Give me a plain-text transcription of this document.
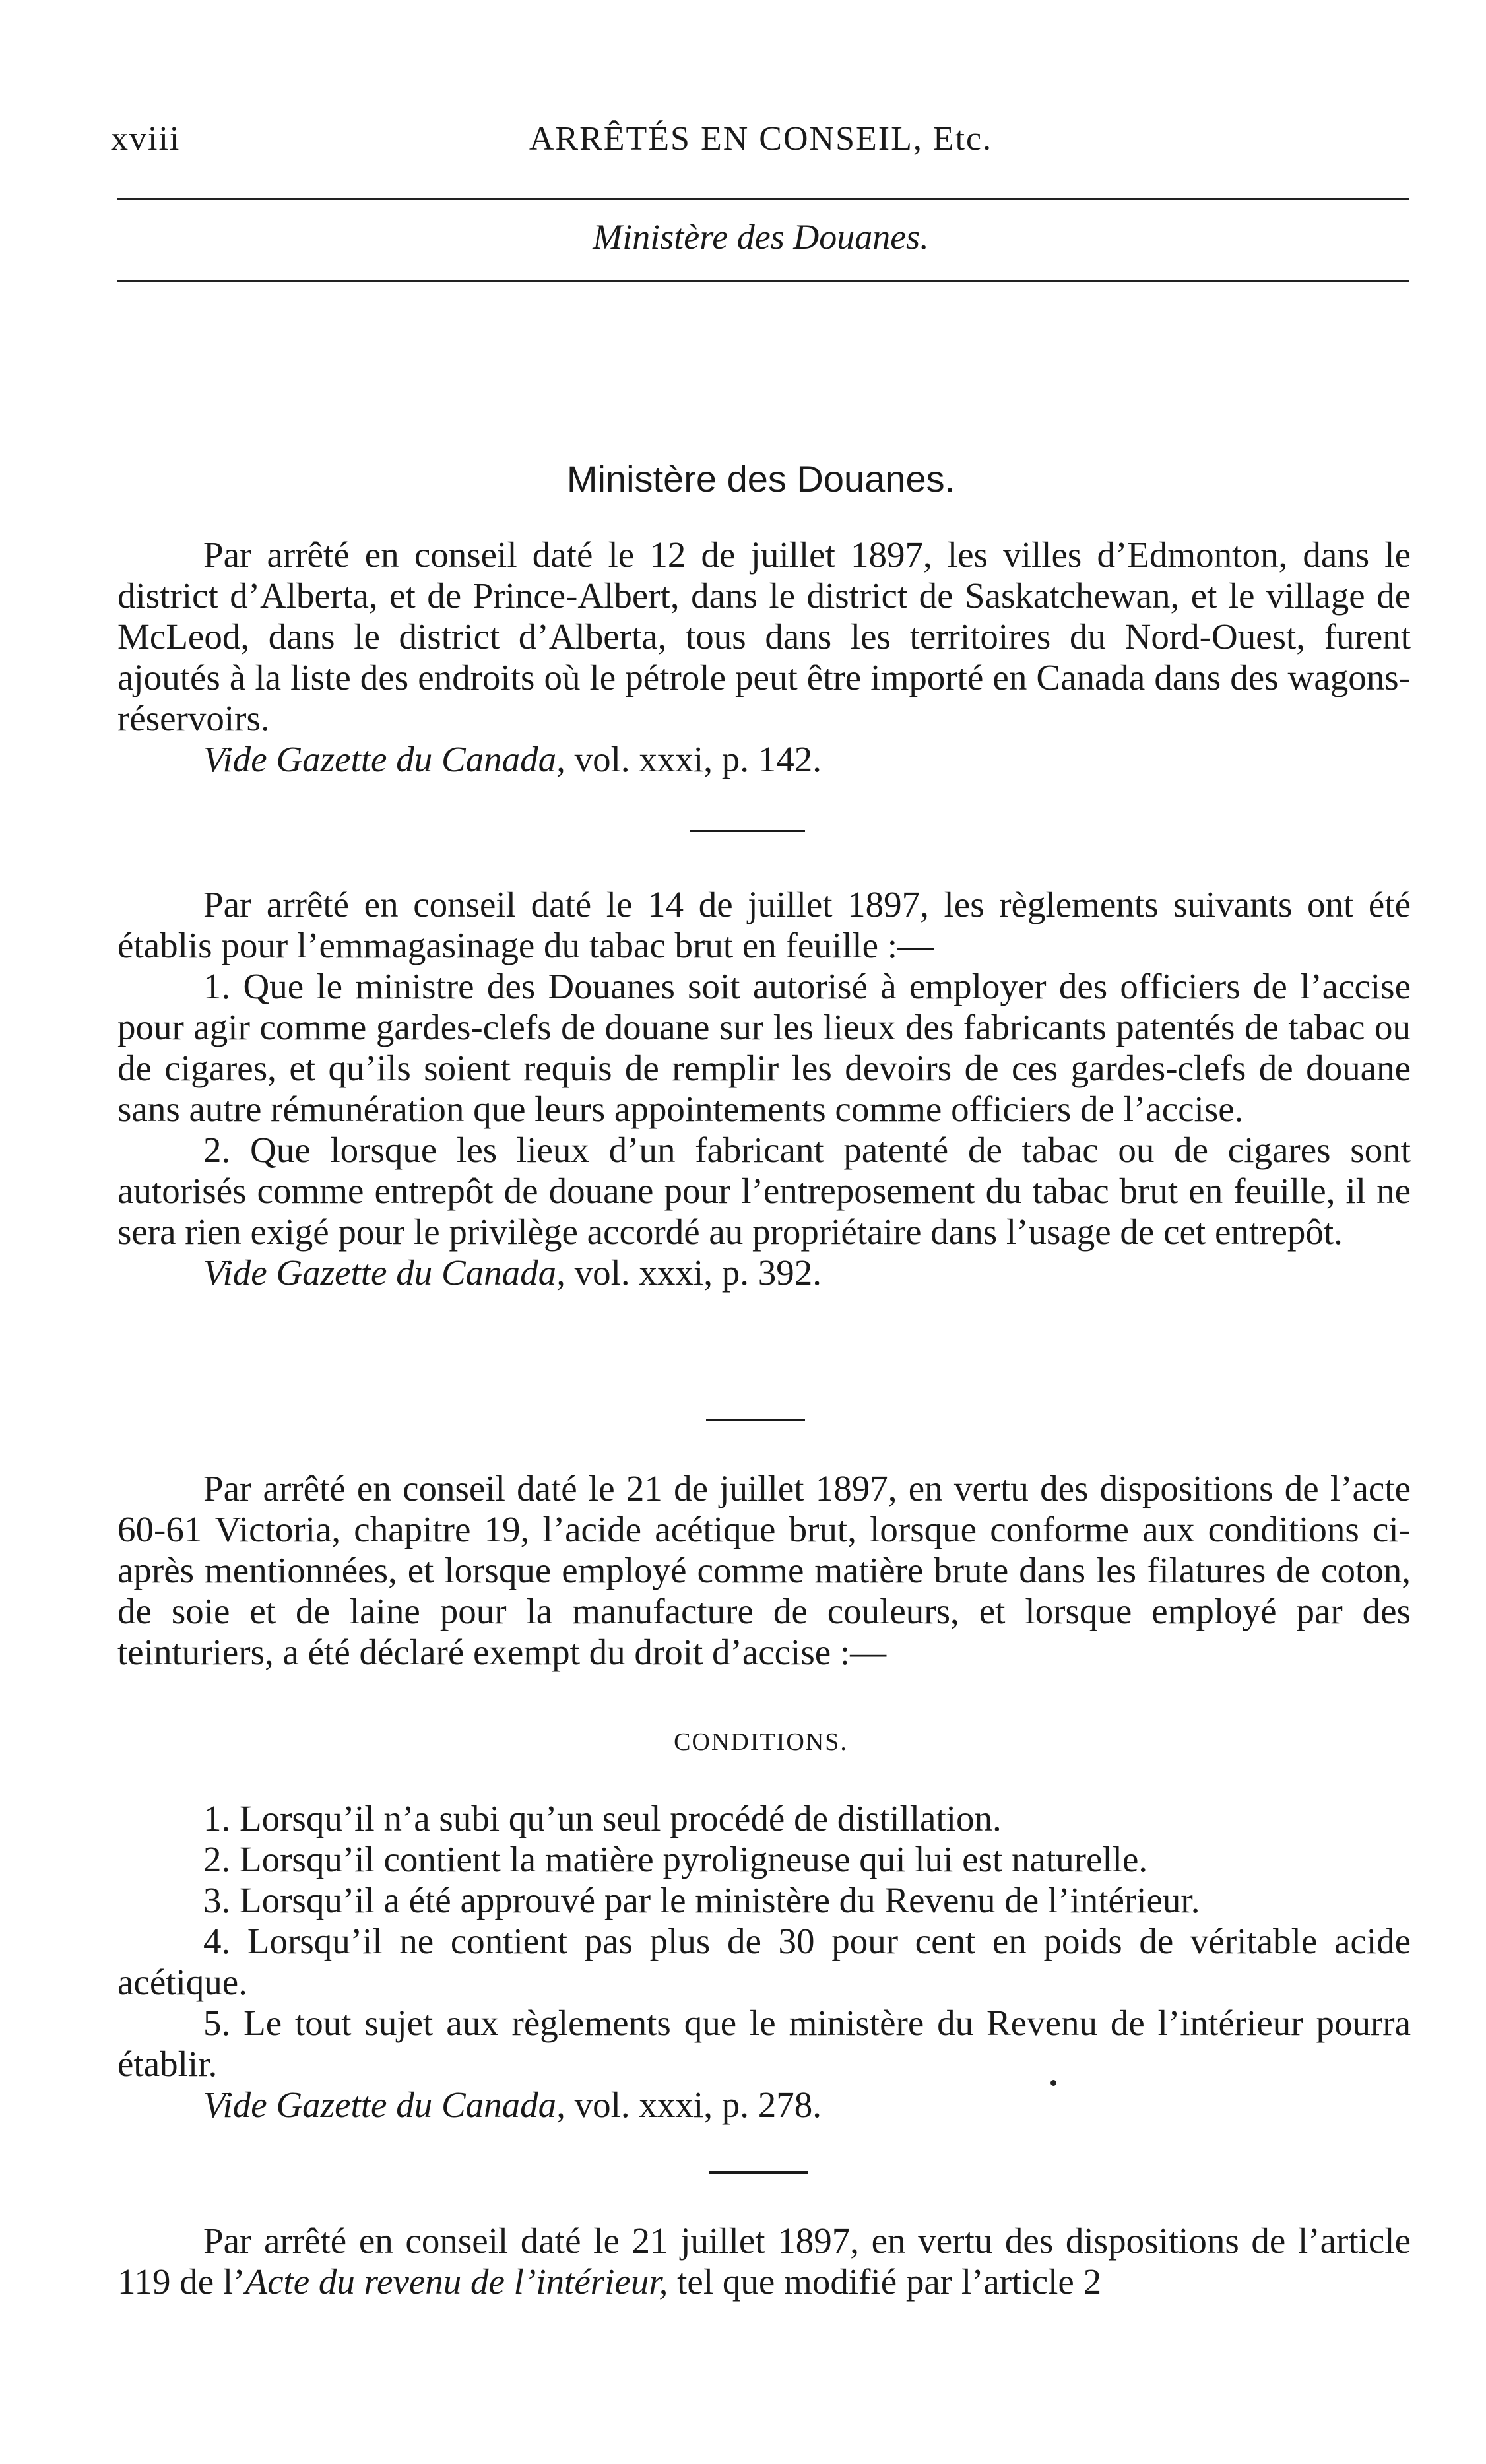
xviii	ARRÊTÉS EN CONSEIL, Etc.
Ministère des Douanes.
Ministère des Douanes.

Par arrêté en conseil daté le 12 de juillet 1897, les villes d’Edmonton, dans le district d’Alberta, et de Prince-Albert, dans le district de Saskatchewan, et le village de McLeod, dans le district d’Alberta, tous dans les territoires du Nord-Ouest, furent ajoutés à la liste des endroits où le pétrole peut être importé en Canada dans des wagons-réservoirs.

Vide Gazette du Canada, vol. xxxi, p. 142.

Par arrêté en conseil daté le 14 de juillet 1897, les règlements suivants ont été établis pour l’emmagasinage du tabac brut en feuille :—

1. Que le ministre des Douanes soit autorisé à employer des officiers de l’accise pour agir comme gardes-clefs de douane sur les lieux des fabricants patentés de tabac ou de cigares, et qu’ils soient requis de remplir les devoirs de ces gardes-clefs de douane sans autre rémunération que leurs appointements comme officiers de l’accise.

2. Que lorsque les lieux d’un fabricant patenté de tabac ou de cigares sont autorisés comme entrepôt de douane pour l’entreposement du tabac brut en feuille, il ne sera rien exigé pour le privilège accordé au propriétaire dans l’usage de cet entrepôt.

Vide Gazette du Canada, vol. xxxi, p. 392.

Par arrêté en conseil daté le 21 de juillet 1897, en vertu des dispositions de l’acte 60-61 Victoria, chapitre 19, l’acide acétique brut, lorsque conforme aux conditions ci-après mentionnées, et lorsque employé comme matière brute dans les filatures de coton, de soie et de laine pour la manufacture de couleurs, et lorsque employé par des teinturiers, a été déclaré exempt du droit d’accise :—

CONDITIONS.

1. Lorsqu’il n’a subi qu’un seul procédé de distillation.

2. Lorsqu’il contient la matière pyroligneuse qui lui est naturelle.

3. Lorsqu’il a été approuvé par le ministère du Revenu de l’intérieur.

4. Lorsqu’il ne contient pas plus de 30 pour cent en poids de véritable acide acétique.

5. Le tout sujet aux règlements que le ministère du Revenu de l’intérieur pourra établir.

Vide Gazette du Canada, vol. xxxi, p. 278.

Par arrêté en conseil daté le 21 juillet 1897, en vertu des dispositions de l’article 119 de l’Acte du revenu de l’intérieur, tel que modifié par l’article 2
